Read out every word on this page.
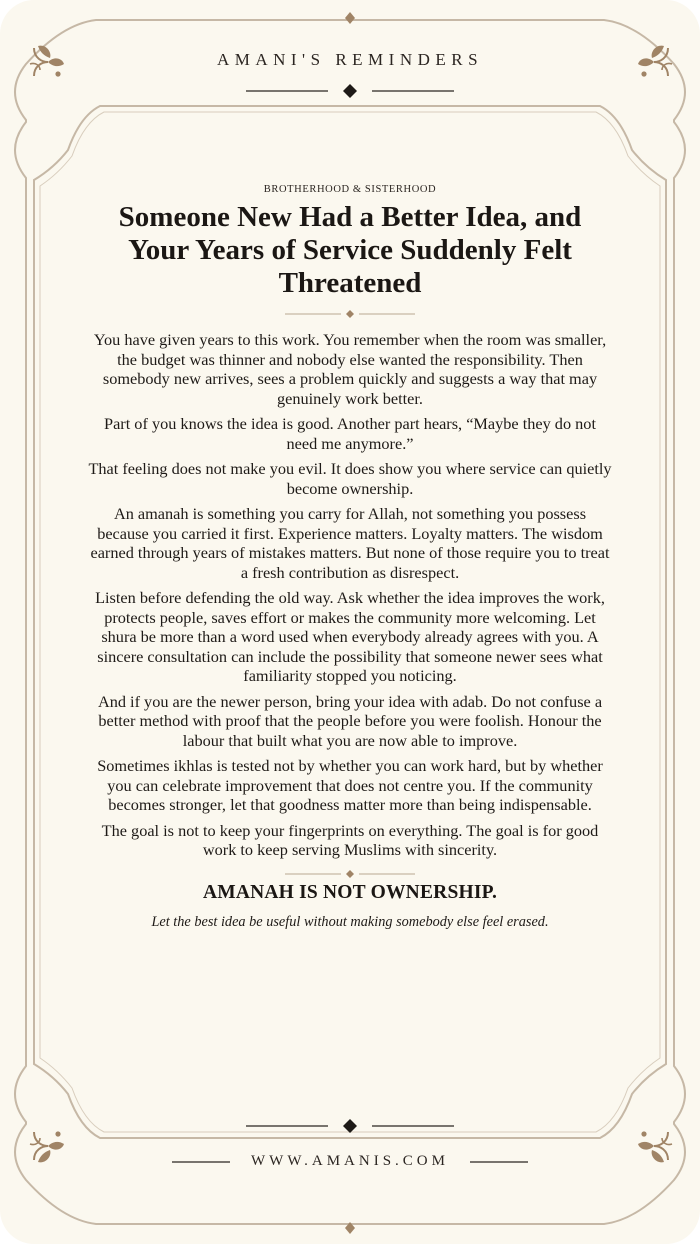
AMANI'S REMINDERS
BROTHERHOOD & SISTERHOOD
Someone New Had a Better Idea, and Your Years of Service Suddenly Felt Threatened

You have given years to this work. You remember when the room was smaller, the budget was thinner and nobody else wanted the responsibility. Then somebody new arrives, sees a problem quickly and suggests a way that may genuinely work better.

Part of you knows the idea is good. Another part hears, “Maybe they do not need me anymore.”

That feeling does not make you evil. It does show you where service can quietly become ownership.

An amanah is something you carry for Allah, not something you possess because you carried it first. Experience matters. Loyalty matters. The wisdom earned through years of mistakes matters. But none of those require you to treat a fresh contribution as disrespect.

Listen before defending the old way. Ask whether the idea improves the work, protects people, saves effort or makes the community more welcoming. Let shura be more than a word used when everybody already agrees with you. A sincere consultation can include the possibility that someone newer sees what familiarity stopped you noticing.

And if you are the newer person, bring your idea with adab. Do not confuse a better method with proof that the people before you were foolish. Honour the labour that built what you are now able to improve.

Sometimes ikhlas is tested not by whether you can work hard, but by whether you can celebrate improvement that does not centre you. If the community becomes stronger, let that goodness matter more than being indispensable.

The goal is not to keep your fingerprints on everything. The goal is for good work to keep serving Muslims with sincerity.

AMANAH IS NOT OWNERSHIP.
Let the best idea be useful without making somebody else feel erased.
WWW.AMANIS.COM
